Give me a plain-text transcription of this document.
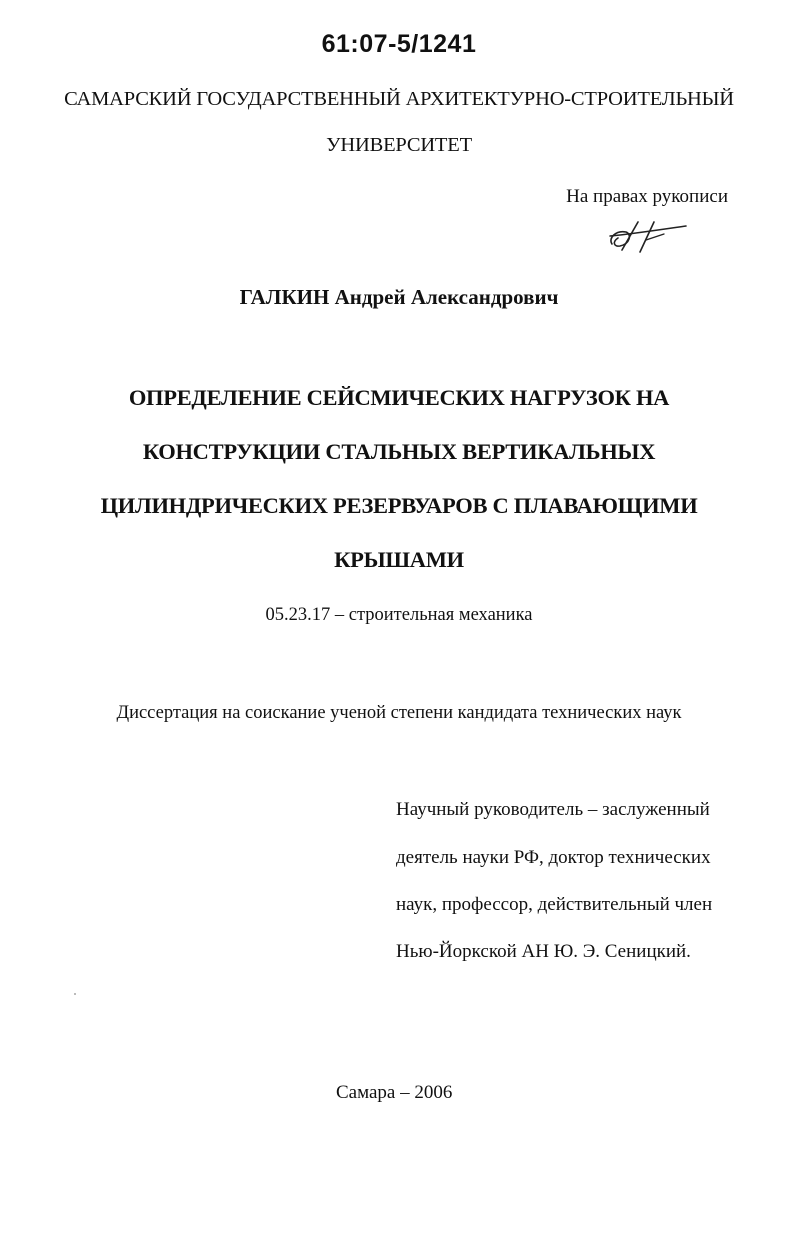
61:07-5/1241
САМАРСКИЙ ГОСУДАРСТВЕННЫЙ АРХИТЕКТУРНО-СТРОИТЕЛЬНЫЙ
УНИВЕРСИТЕТ
На правах рукописи
ГАЛКИН Андрей Александрович
ОПРЕДЕЛЕНИЕ СЕЙСМИЧЕСКИХ НАГРУЗОК НА
КОНСТРУКЦИИ СТАЛЬНЫХ ВЕРТИКАЛЬНЫХ
ЦИЛИНДРИЧЕСКИХ РЕЗЕРВУАРОВ С ПЛАВАЮЩИМИ
КРЫШАМИ
05.23.17 – строительная механика
Диссертация на соискание ученой степени кандидата технических наук
Научный руководитель – заслуженный
деятель науки РФ, доктор технических
наук, профессор, действительный член
Нью-Йоркской АН Ю. Э. Сеницкий.
Самара – 2006
